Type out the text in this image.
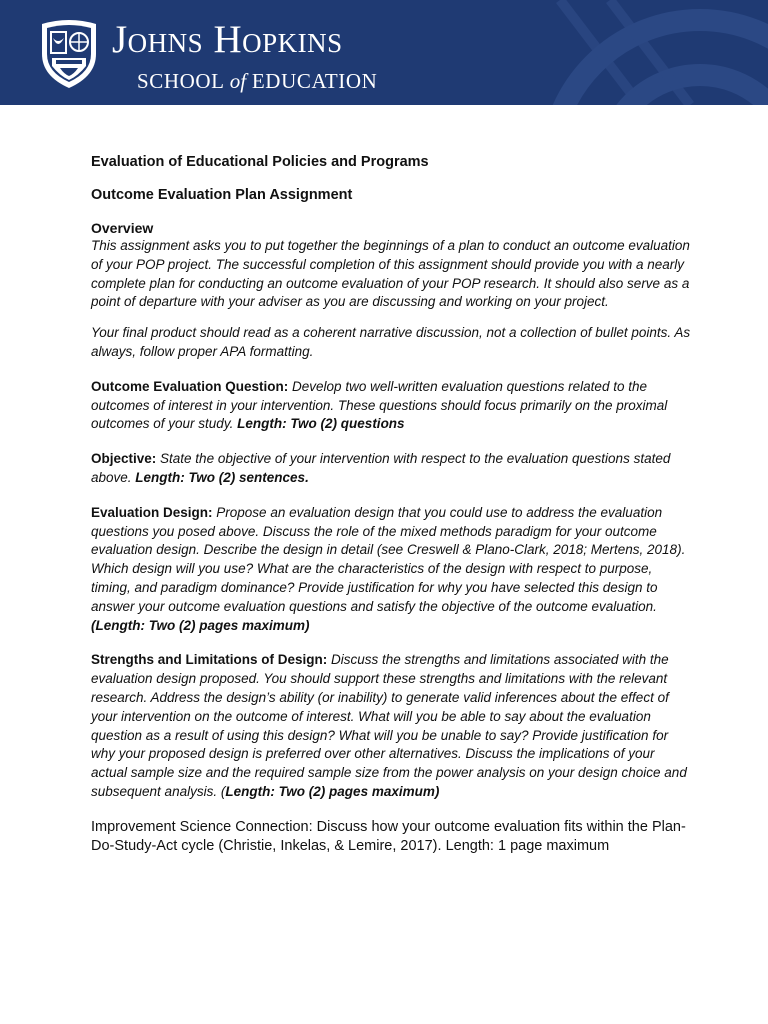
Johns Hopkins
SCHOOL of EDUCATION
Evaluation of Educational Policies and Programs
Outcome Evaluation Plan Assignment
Overview

This assignment asks you to put together the beginnings of a plan to conduct an outcome evaluation of your POP project. The successful completion of this assignment should provide you with a nearly complete plan for conducting an outcome evaluation of your POP research. It should also serve as a point of departure with your adviser as you are discussing and working on your project.

Your final product should read as a coherent narrative discussion, not a collection of bullet points. As always, follow proper APA formatting.

Outcome Evaluation Question: Develop two well-written evaluation questions related to the outcomes of interest in your intervention. These questions should focus primarily on the proximal outcomes of your study. Length: Two (2) questions

Objective: State the objective of your intervention with respect to the evaluation questions stated above. Length: Two (2) sentences.

Evaluation Design: Propose an evaluation design that you could use to address the evaluation questions you posed above. Discuss the role of the mixed methods paradigm for your outcome evaluation design. Describe the design in detail (see Creswell & Plano-Clark, 2018; Mertens, 2018). Which design will you use? What are the characteristics of the design with respect to purpose, timing, and paradigm dominance? Provide justification for why you have selected this design to answer your outcome evaluation questions and satisfy the objective of the outcome evaluation. (Length: Two (2) pages maximum)

Strengths and Limitations of Design: Discuss the strengths and limitations associated with the evaluation design proposed. You should support these strengths and limitations with the relevant research. Address the design’s ability (or inability) to generate valid inferences about the effect of your intervention on the outcome of interest. What will you be able to say about the evaluation question as a result of using this design? What will you be unable to say? Provide justification for why your proposed design is preferred over other alternatives. Discuss the implications of your actual sample size and the required sample size from the power analysis on your design choice and subsequent analysis. (Length: Two (2) pages maximum)

Improvement Science Connection: Discuss how your outcome evaluation fits within the Plan-Do-Study-Act cycle (Christie, Inkelas, & Lemire, 2017). Length: 1 page maximum
